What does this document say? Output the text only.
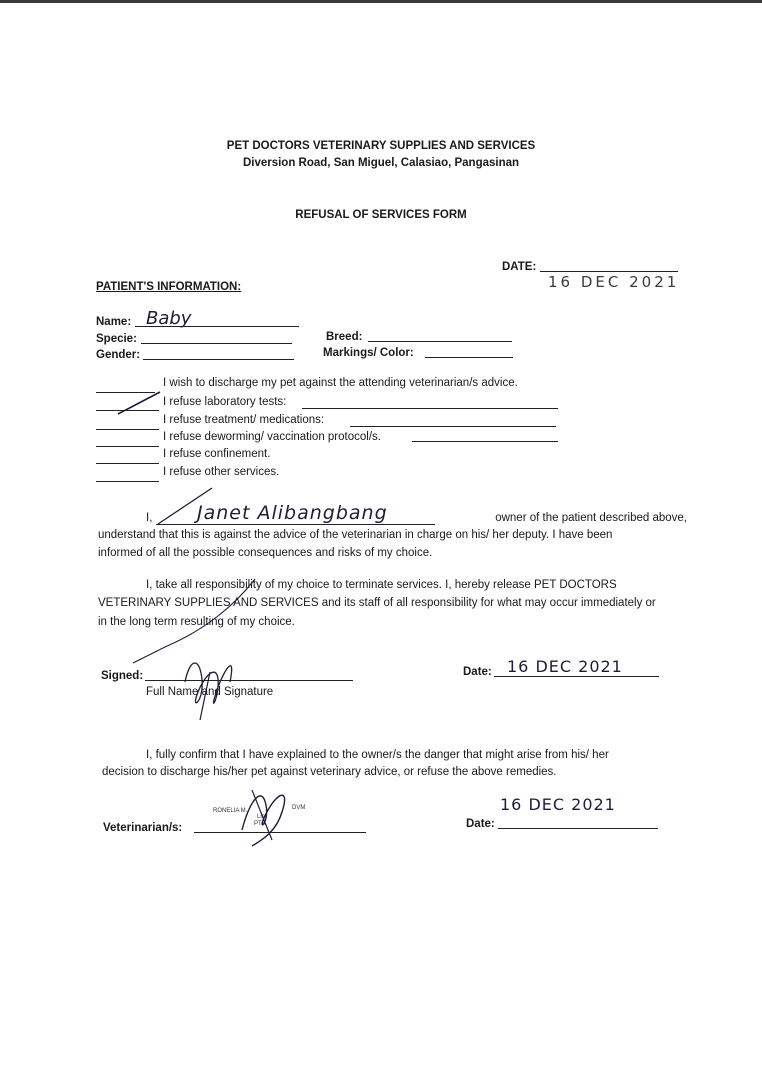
PET DOCTORS VETERINARY SUPPLIES AND SERVICES
Diversion Road, San Miguel, Calasiao, Pangasinan
REFUSAL OF SERVICES FORM
DATE:
16 DEC 2021
PATIENT'S INFORMATION:
Name: Baby
Specie:
Gender:
Breed:
Markings/ Color:
I wish to discharge my pet against the attending veterinarian/s advice.
I refuse laboratory tests:
I refuse treatment/ medications:
I refuse deworming/ vaccination protocol/s.
I refuse confinement.
I refuse other services.
I, Janet Alibangbang	owner of the patient described above,
understand that this is against the advice of the veterinarian in charge on his/ her deputy. I have been
informed of all the possible consequences and risks of my choice.
I, take all responsibility of my choice to terminate services. I, hereby release PET DOCTORS
VETERINARY SUPPLIES AND SERVICES and its staff of all responsibility for what may occur immediately or
in the long term resulting of my choice.
Signed:
Full Name and Signature
Date: 16 DEC 2021
I, fully confirm that I have explained to the owner/s the danger that might arise from his/ her
decision to discharge his/her pet against veterinary advice, or refuse the above remedies.
Veterinarian/s:
RONELIA M.	DVM
Lic.
PTR
16 DEC 2021
Date:
